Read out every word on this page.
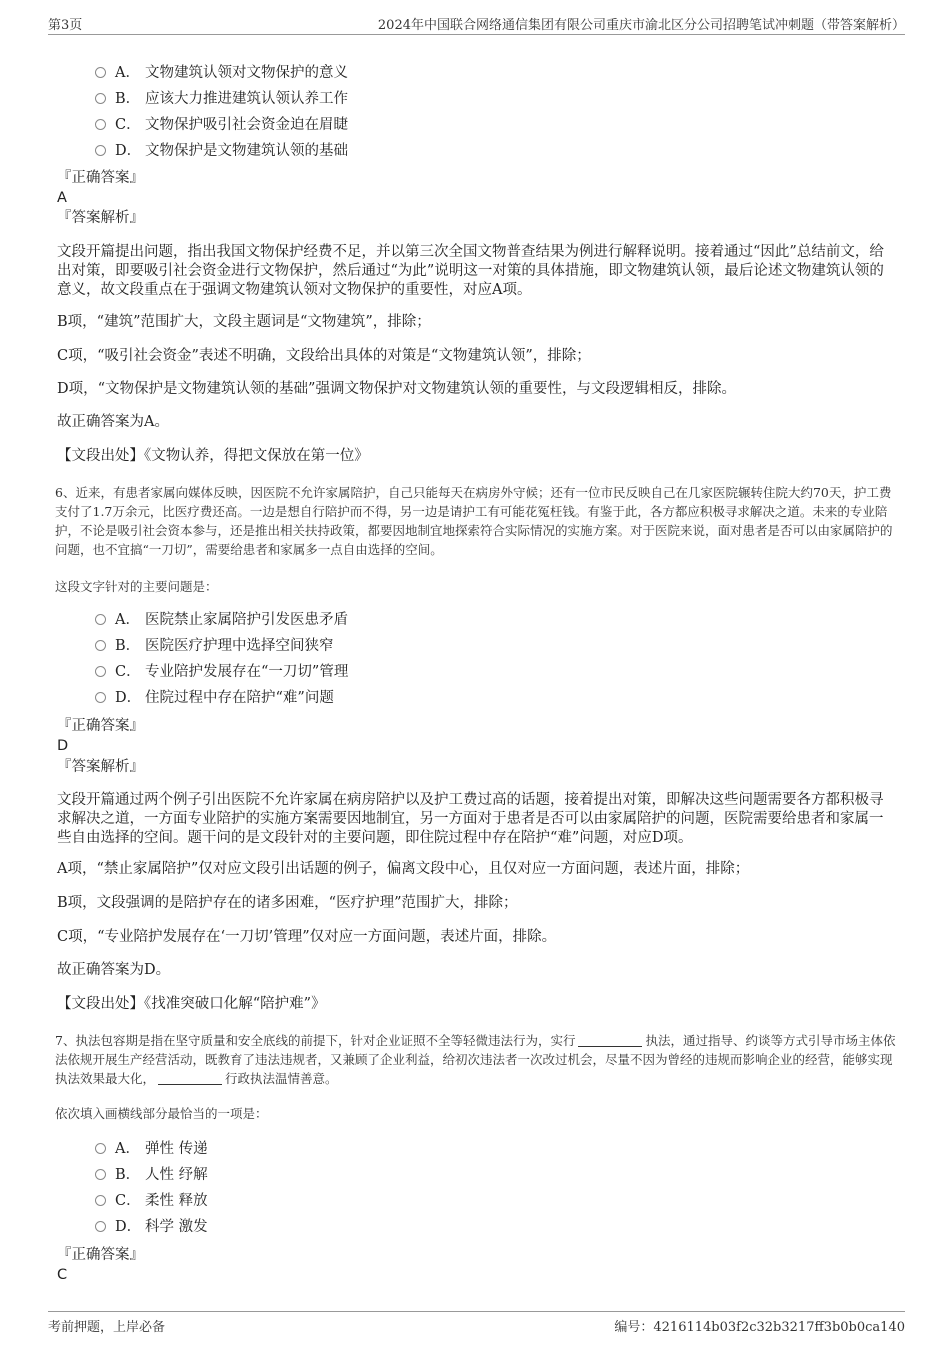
第3页	2024年中国联合网络通信集团有限公司重庆市渝北区分公司招聘笔试冲刺题（带答案解析）
A． 文物建筑认领对文物保护的意义
B． 应该大力推进建筑认领认养工作
C． 文物保护吸引社会资金迫在眉睫
D． 文物保护是文物建筑认领的基础
『正确答案』
A
『答案解析』

文段开篇提出问题，指出我国文物保护经费不足，并以第三次全国文物普查结果为例进行解释说明。接着通过“因此”总结前文，给出对策，即要吸引社会资金进行文物保护，然后通过“为此”说明这一对策的具体措施，即文物建筑认领，最后论述文物建筑认领的意义，故文段重点在于强调文物建筑认领对文物保护的重要性，对应A项。

B项，“建筑”范围扩大，文段主题词是“文物建筑”，排除；

C项，“吸引社会资金”表述不明确，文段给出具体的对策是“文物建筑认领”，排除；

D项，“文物保护是文物建筑认领的基础”强调文物保护对文物建筑认领的重要性，与文段逻辑相反，排除。

故正确答案为A。

【文段出处】《文物认养，得把文保放在第一位》

6、近来，有患者家属向媒体反映，因医院不允许家属陪护，自己只能每天在病房外守候；还有一位市民反映自己在几家医院辗转住院大约70天，护工费支付了1.7万余元，比医疗费还高。一边是想自行陪护而不得，另一边是请护工有可能花冤枉钱。有鉴于此，各方都应积极寻求解决之道。未来的专业陪护，不论是吸引社会资本参与，还是推出相关扶持政策，都要因地制宜地探索符合实际情况的实施方案。对于医院来说，面对患者是否可以由家属陪护的问题，也不宜搞“一刀切”，需要给患者和家属多一点自由选择的空间。

这段文字针对的主要问题是：

A． 医院禁止家属陪护引发医患矛盾
B． 医院医疗护理中选择空间狭窄
C． 专业陪护发展存在“一刀切”管理
D． 住院过程中存在陪护“难”问题
『正确答案』
D
『答案解析』

文段开篇通过两个例子引出医院不允许家属在病房陪护以及护工费过高的话题，接着提出对策，即解决这些问题需要各方都积极寻求解决之道，一方面专业陪护的实施方案需要因地制宜，另一方面对于患者是否可以由家属陪护的问题，医院需要给患者和家属一些自由选择的空间。题干问的是文段针对的主要问题，即住院过程中存在陪护“难”问题，对应D项。

A项，“禁止家属陪护”仅对应文段引出话题的例子，偏离文段中心，且仅对应一方面问题，表述片面，排除；

B项，文段强调的是陪护存在的诸多困难，“医疗护理”范围扩大，排除；

C项，“专业陪护发展存在‘一刀切’管理”仅对应一方面问题，表述片面，排除。

故正确答案为D。

【文段出处】《找准突破口化解“陪护难”》

7、执法包容期是指在坚守质量和安全底线的前提下，针对企业证照不全等轻微违法行为，实行	执法，通过指导、约谈等方式引导市场主体依法依规开展生产经营活动，既教育了违法违规者，又兼顾了企业利益，给初次违法者一次改过机会，尽量不因为曾经的违规而影响企业的经营，能够实现执法效果最大化，	行政执法温情善意。

依次填入画横线部分最恰当的一项是：

A． 弹性 传递
B． 人性 纾解
C． 柔性 释放
D． 科学 激发
『正确答案』
C
考前押题，上岸必备	编号：4216114b03f2c32b3217ff3b0b0ca140
